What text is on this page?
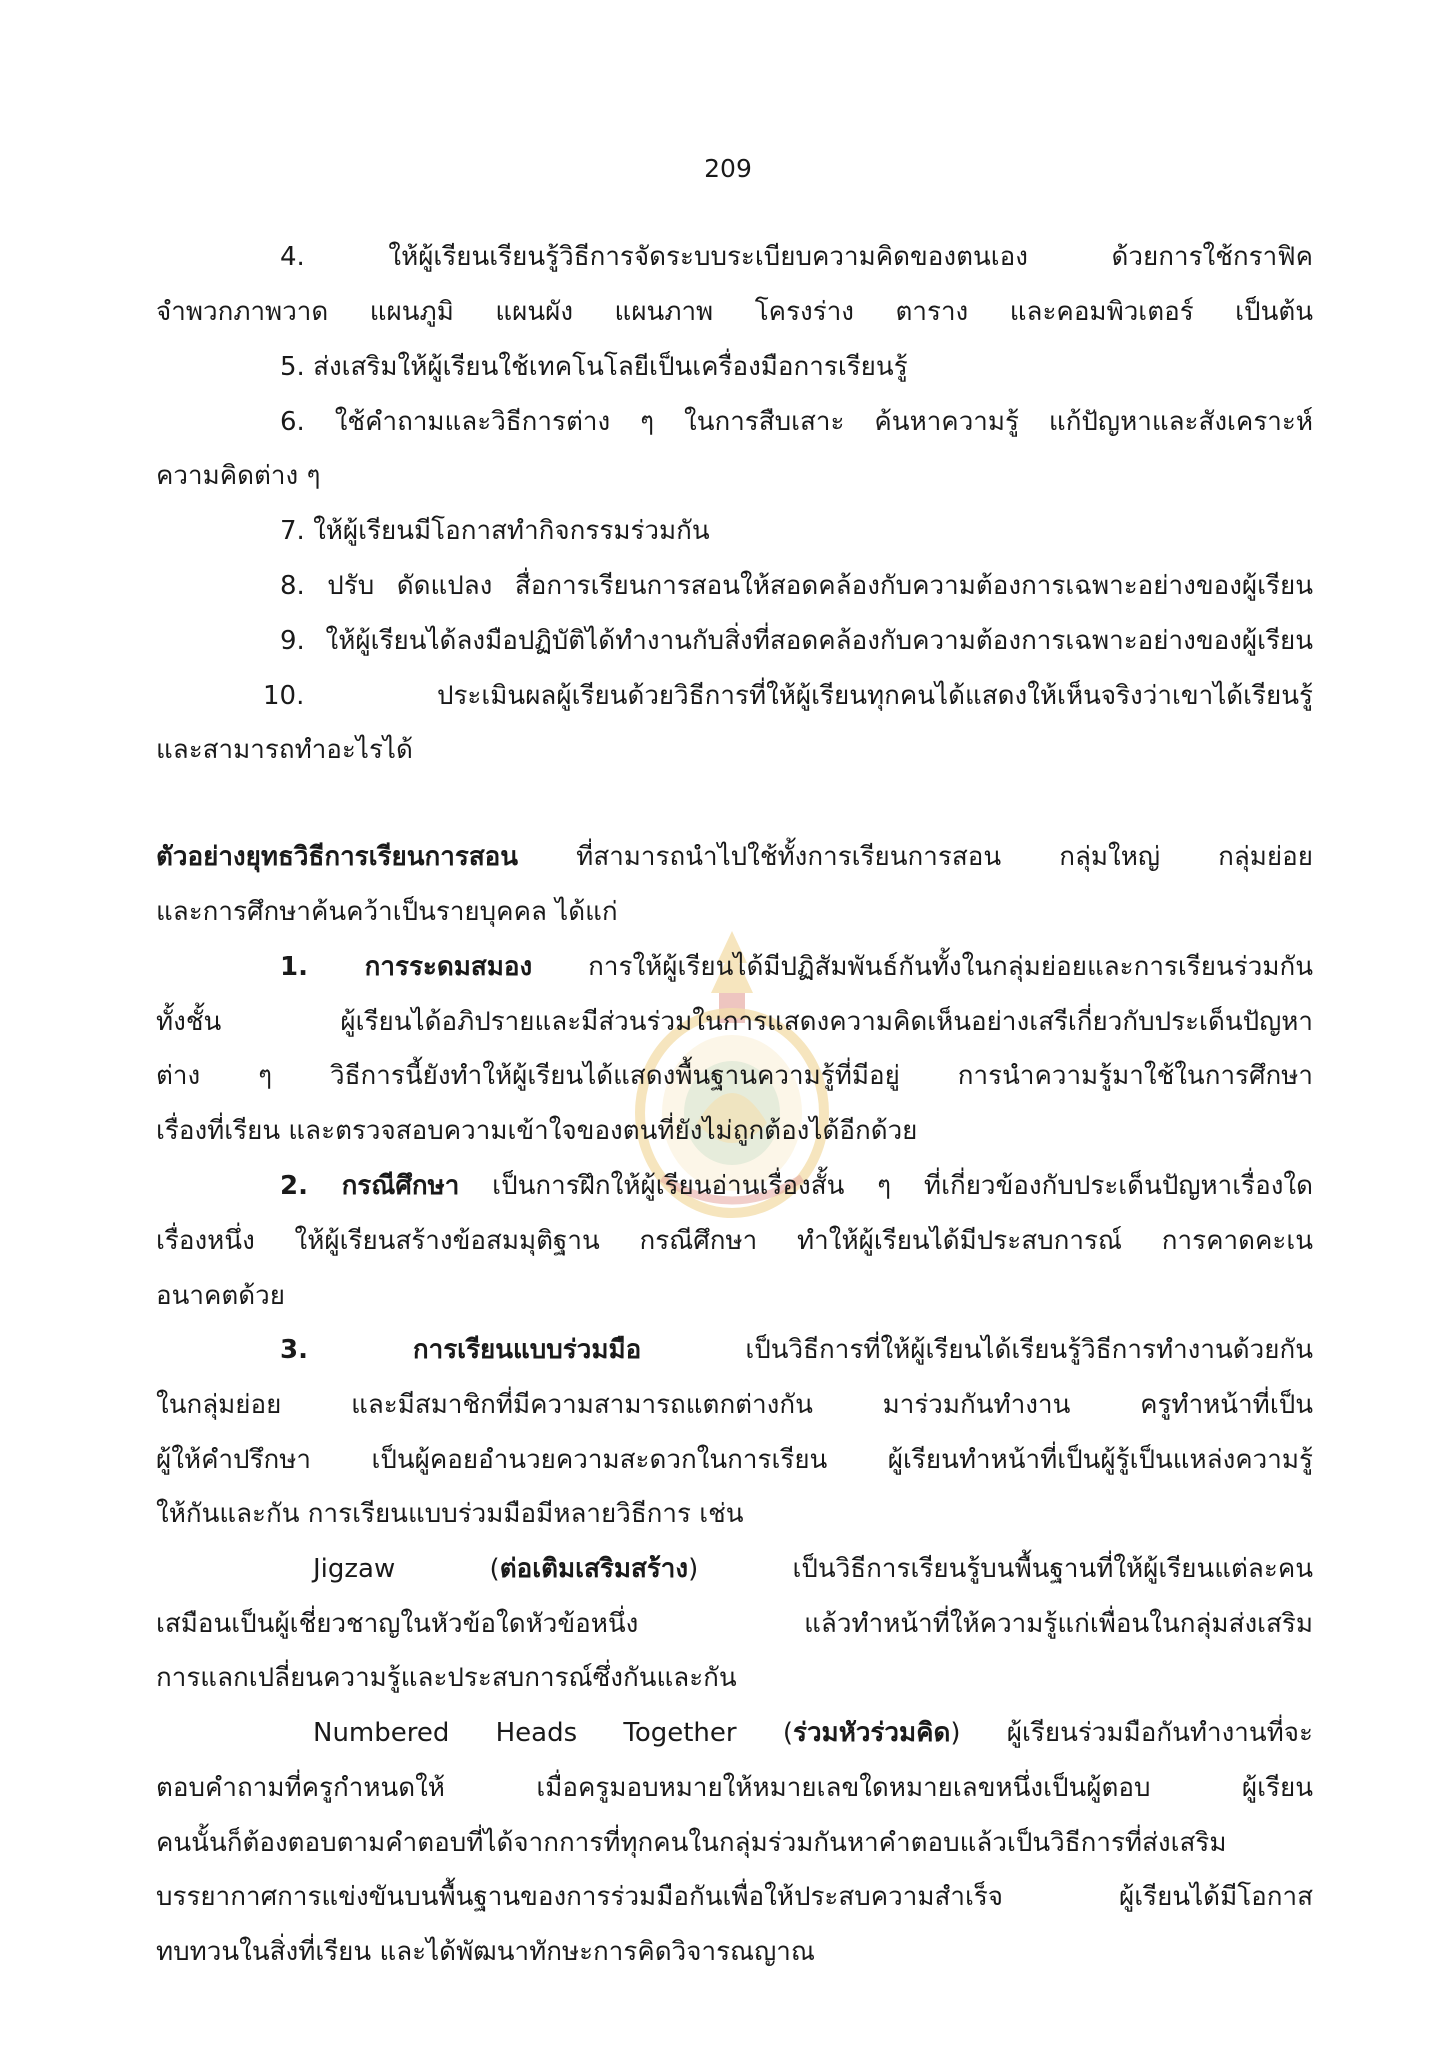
209
4. ให้ผู้เรียนเรียนรู้วิธีการจัดระบบระเบียบความคิดของตนเอง ด้วยการใช้กราฟิค
จำพวกภาพวาด แผนภูมิ แผนผัง แผนภาพ โครงร่าง ตาราง และคอมพิวเตอร์ เป็นต้น
5. ส่งเสริมให้ผู้เรียนใช้เทคโนโลยีเป็นเครื่องมือการเรียนรู้
6. ใช้คำถามและวิธีการต่าง ๆ ในการสืบเสาะ ค้นหาความรู้ แก้ปัญหาและสังเคราะห์
ความคิดต่าง ๆ
7. ให้ผู้เรียนมีโอกาสทำกิจกรรมร่วมกัน
8. ปรับ ดัดแปลง สื่อการเรียนการสอนให้สอดคล้องกับความต้องการเฉพาะอย่างของผู้เรียน
9. ให้ผู้เรียนได้ลงมือปฏิบัติได้ทำงานกับสิ่งที่สอดคล้องกับความต้องการเฉพาะอย่างของผู้เรียน
10. ประเมินผลผู้เรียนด้วยวิธีการที่ให้ผู้เรียนทุกคนได้แสดงให้เห็นจริงว่าเขาได้เรียนรู้
และสามารถทำอะไรได้
ตัวอย่างยุทธวิธีการเรียนการสอน ที่สามารถนำไปใช้ทั้งการเรียนการสอน กลุ่มใหญ่ กลุ่มย่อย
และการศึกษาค้นคว้าเป็นรายบุคคล ได้แก่
1. การระดมสมอง การให้ผู้เรียนได้มีปฏิสัมพันธ์กันทั้งในกลุ่มย่อยและการเรียนร่วมกัน
ทั้งชั้น ผู้เรียนได้อภิปรายและมีส่วนร่วมในการแสดงความคิดเห็นอย่างเสรีเกี่ยวกับประเด็นปัญหา
ต่าง ๆ วิธีการนี้ยังทำให้ผู้เรียนได้แสดงพื้นฐานความรู้ที่มีอยู่ การนำความรู้มาใช้ในการศึกษา
เรื่องที่เรียน และตรวจสอบความเข้าใจของตนที่ยังไม่ถูกต้องได้อีกด้วย
2. กรณีศึกษา เป็นการฝึกให้ผู้เรียนอ่านเรื่องสั้น ๆ ที่เกี่ยวข้องกับประเด็นปัญหาเรื่องใด
เรื่องหนึ่ง ให้ผู้เรียนสร้างข้อสมมุติฐาน กรณีศึกษา ทำให้ผู้เรียนได้มีประสบการณ์ การคาดคะเน
อนาคตด้วย
3. การเรียนแบบร่วมมือ เป็นวิธีการที่ให้ผู้เรียนได้เรียนรู้วิธีการทำงานด้วยกัน
ในกลุ่มย่อย และมีสมาชิกที่มีความสามารถแตกต่างกัน มาร่วมกันทำงาน ครูทำหน้าที่เป็น
ผู้ให้คำปรึกษา เป็นผู้คอยอำนวยความสะดวกในการเรียน ผู้เรียนทำหน้าที่เป็นผู้รู้เป็นแหล่งความรู้
ให้กันและกัน การเรียนแบบร่วมมือมีหลายวิธีการ เช่น
Jigzaw (ต่อเติมเสริมสร้าง) เป็นวิธีการเรียนรู้บนพื้นฐานที่ให้ผู้เรียนแต่ละคน
เสมือนเป็นผู้เชี่ยวชาญในหัวข้อใดหัวข้อหนึ่ง แล้วทำหน้าที่ให้ความรู้แก่เพื่อนในกลุ่มส่งเสริม
การแลกเปลี่ยนความรู้และประสบการณ์ซึ่งกันและกัน
Numbered Heads Together (ร่วมหัวร่วมคิด) ผู้เรียนร่วมมือกันทำงานที่จะ
ตอบคำถามที่ครูกำหนดให้ เมื่อครูมอบหมายให้หมายเลขใดหมายเลขหนึ่งเป็นผู้ตอบ ผู้เรียน
คนนั้นก็ต้องตอบตามคำตอบที่ได้จากการที่ทุกคนในกลุ่มร่วมกันหาคำตอบแล้วเป็นวิธีการที่ส่งเสริม
บรรยากาศการแข่งขันบนพื้นฐานของการร่วมมือกันเพื่อให้ประสบความสำเร็จ ผู้เรียนได้มีโอกาส
ทบทวนในสิ่งที่เรียน และได้พัฒนาทักษะการคิดวิจารณญาณ
